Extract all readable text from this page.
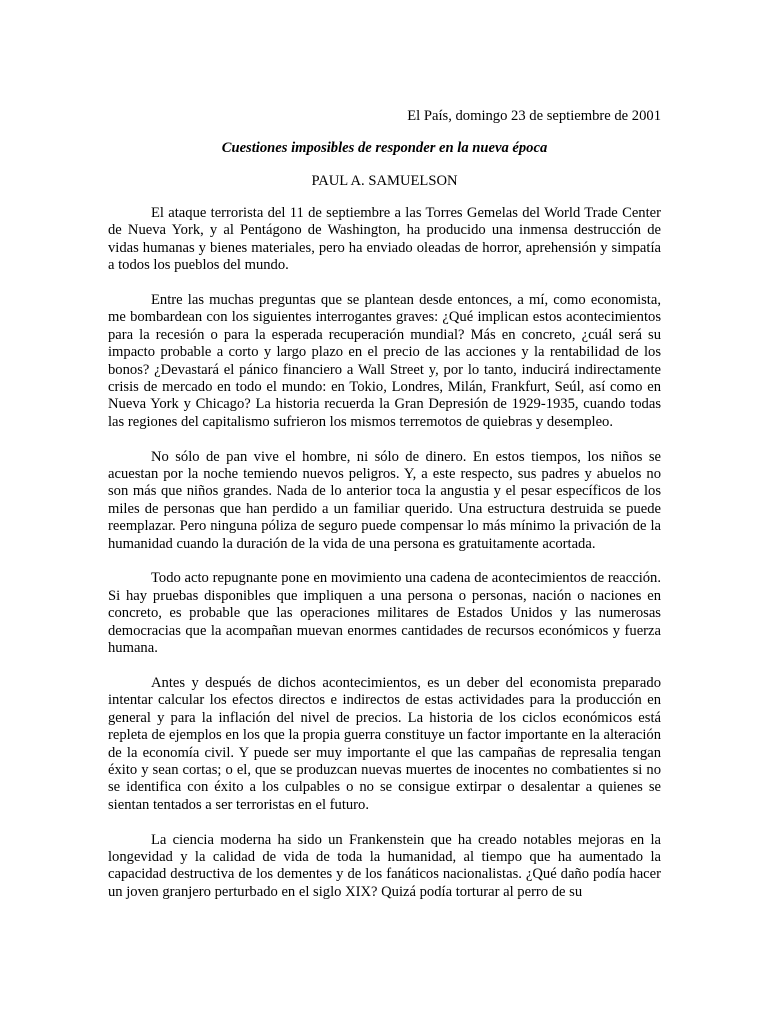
El País, domingo 23 de septiembre de 2001
Cuestiones imposibles de responder en la nueva época
PAUL A. SAMUELSON

El ataque terrorista del 11 de septiembre a las Torres Gemelas del World Trade Center de Nueva York, y al Pentágono de Washington, ha producido una inmensa destrucción de vidas humanas y bienes materiales, pero ha enviado oleadas de horror, aprehensión y simpatía a todos los pueblos del mundo.

Entre las muchas preguntas que se plantean desde entonces, a mí, como economista, me bombardean con los siguientes interrogantes graves: ¿Qué implican estos acontecimientos para la recesión o para la esperada recuperación mundial? Más en concreto, ¿cuál será su impacto probable a corto y largo plazo en el precio de las acciones y la rentabilidad de los bonos? ¿Devastará el pánico financiero a Wall Street y, por lo tanto, inducirá indirectamente crisis de mercado en todo el mundo: en Tokio, Londres, Milán, Frankfurt, Seúl, así como en Nueva York y Chicago? La historia recuerda la Gran Depresión de 1929-1935, cuando todas las regiones del capitalismo sufrieron los mismos terremotos de quiebras y desempleo.

No sólo de pan vive el hombre, ni sólo de dinero. En estos tiempos, los niños se acuestan por la noche temiendo nuevos peligros. Y, a este respecto, sus padres y abuelos no son más que niños grandes. Nada de lo anterior toca la angustia y el pesar específicos de los miles de personas que han perdido a un familiar querido. Una estructura destruida se puede reemplazar. Pero ninguna póliza de seguro puede compensar lo más mínimo la privación de la humanidad cuando la duración de la vida de una persona es gratuitamente acortada.

Todo acto repugnante pone en movimiento una cadena de acontecimientos de reacción. Si hay pruebas disponibles que impliquen a una persona o personas, nación o naciones en concreto, es probable que las operaciones militares de Estados Unidos y las numerosas democracias que la acompañan muevan enormes cantidades de recursos económicos y fuerza humana.

Antes y después de dichos acontecimientos, es un deber del economista preparado intentar calcular los efectos directos e indirectos de estas actividades para la producción en general y para la inflación del nivel de precios. La historia de los ciclos económicos está repleta de ejemplos en los que la propia guerra constituye un factor importante en la alteración de la economía civil. Y puede ser muy importante el que las campañas de represalia tengan éxito y sean cortas; o el, que se produzcan nuevas muertes de inocentes no combatientes si no se identifica con éxito a los culpables o no se consigue extirpar o desalentar a quienes se sientan tentados a ser terroristas en el futuro.

La ciencia moderna ha sido un Frankenstein que ha creado notables mejoras en la longevidad y la calidad de vida de toda la humanidad, al tiempo que ha aumentado la capacidad destructiva de los dementes y de los fanáticos nacionalistas. ¿Qué daño podía hacer un joven granjero perturbado en el siglo XIX? Quizá podía torturar al perro de su
